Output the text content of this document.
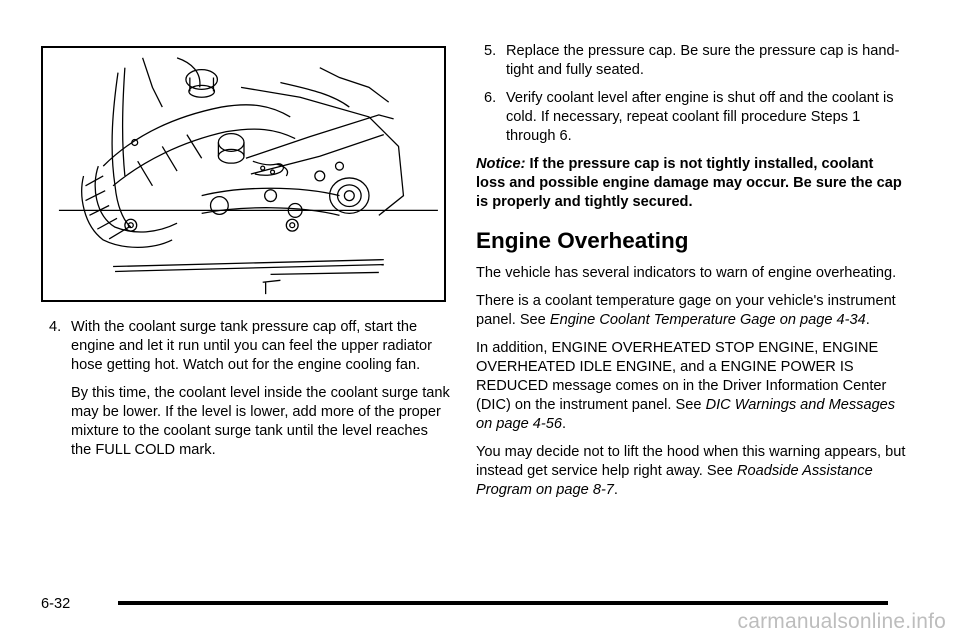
4. With the coolant surge tank pressure cap off, start the engine and let it run until you can feel the upper radiator hose getting hot. Watch out for the engine cooling fan.

By this time, the coolant level inside the coolant surge tank may be lower. If the level is lower, add more of the proper mixture to the coolant surge tank until the level reaches the FULL COLD mark.

5. Replace the pressure cap. Be sure the pressure cap is hand-tight and fully seated.
6. Verify coolant level after engine is shut off and the coolant is cold. If necessary, repeat coolant fill procedure Steps 1 through 6.

Notice: If the pressure cap is not tightly installed, coolant loss and possible engine damage may occur. Be sure the cap is properly and tightly secured.

Engine Overheating

The vehicle has several indicators to warn of engine overheating.

There is a coolant temperature gage on your vehicle's instrument panel. See Engine Coolant Temperature Gage on page 4-34.

In addition, ENGINE OVERHEATED STOP ENGINE, ENGINE OVERHEATED IDLE ENGINE, and a ENGINE POWER IS REDUCED message comes on in the Driver Information Center (DIC) on the instrument panel. See DIC Warnings and Messages on page 4-56.

You may decide not to lift the hood when this warning appears, but instead get service help right away. See Roadside Assistance Program on page 8-7.

6-32
carmanualsonline.info
